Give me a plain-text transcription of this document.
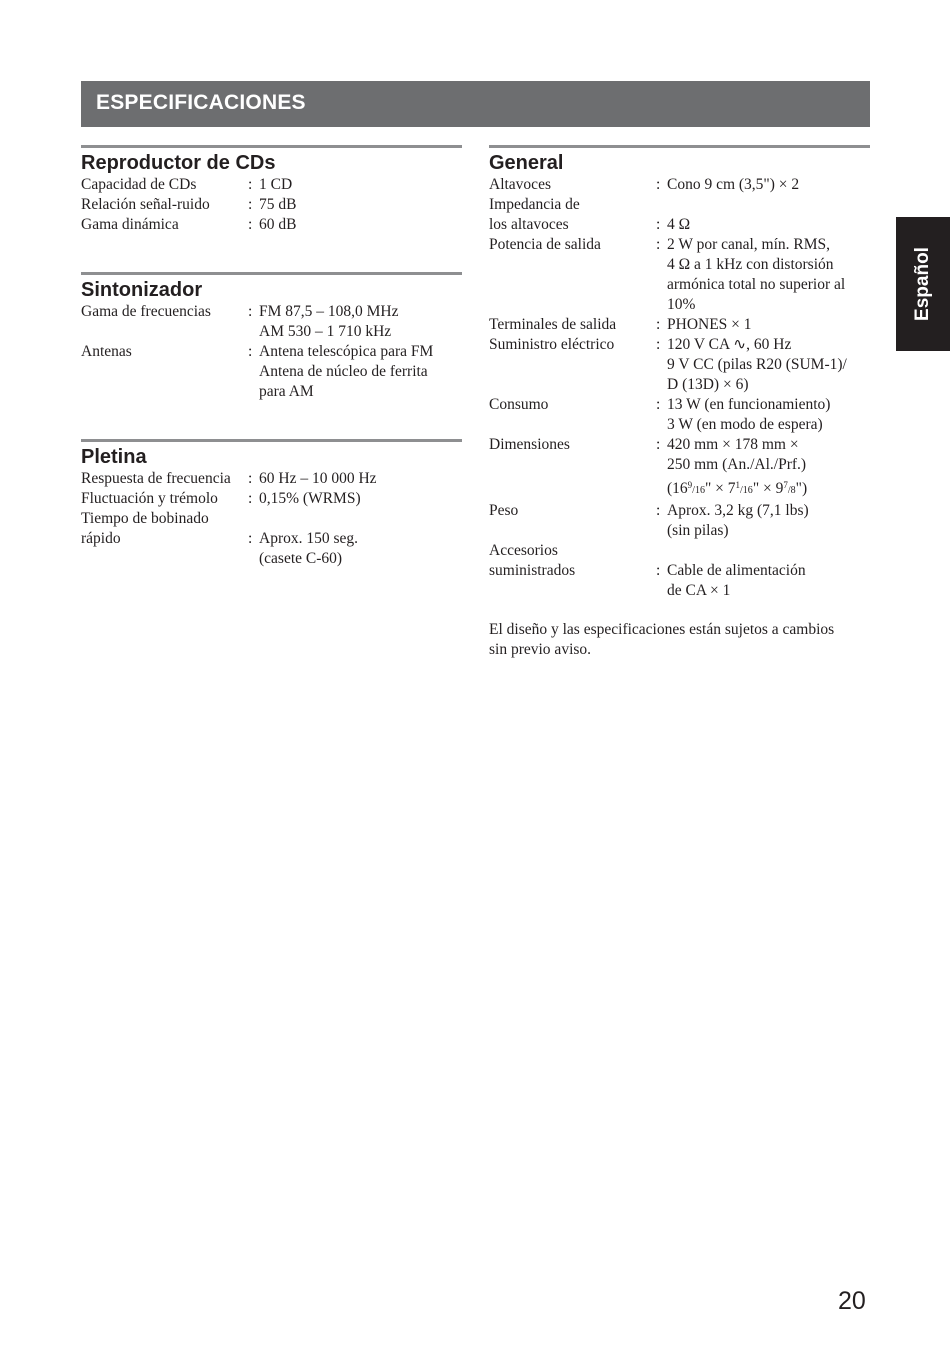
ESPECIFICACIONES
Español
Reproductor de CDs
Capacidad de CDs	: 1 CD
Relación señal-ruido : 75 dB
Gama dinámica	: 60 dB
Sintonizador
Gama de frecuencias : FM 87,5 – 108,0 MHz
AM 530 – 1 710 kHz
Antenas	: Antena telescópica para FM
Antena de núcleo de ferrita
para AM
Pletina
Respuesta de frecuencia : 60 Hz – 10 000 Hz
Fluctuación y trémolo : 0,15% (WRMS)
Tiempo de bobinado
rápido	: Aprox. 150 seg.
(casete C-60)
General
Altavoces	: Cono 9 cm (3,5") × 2
Impedancia de
los altavoces	: 4 Ω
Potencia de salida	: 2 W por canal, mín. RMS,
4 Ω a 1 kHz con distorsión
armónica total no superior al
10%
Terminales de salida	: PHONES × 1
Suministro eléctrico	: 120 V CA ∿, 60 Hz
9 V CC (pilas R20 (SUM-1)/
D (13D) × 6)
Consumo	: 13 W (en funcionamiento)
3 W (en modo de espera)
Dimensiones	: 420 mm × 178 mm ×
250 mm (An./Al./Prf.)
($16^9/16$" × $7^1/16$" × $9^7/8$")
Peso	: Aprox. 3,2 kg (7,1 lbs)
(sin pilas)
Accesorios
suministrados	: Cable de alimentación
de CA × 1
El diseño y las especificaciones están sujetos a cambios
sin previo aviso.
20
